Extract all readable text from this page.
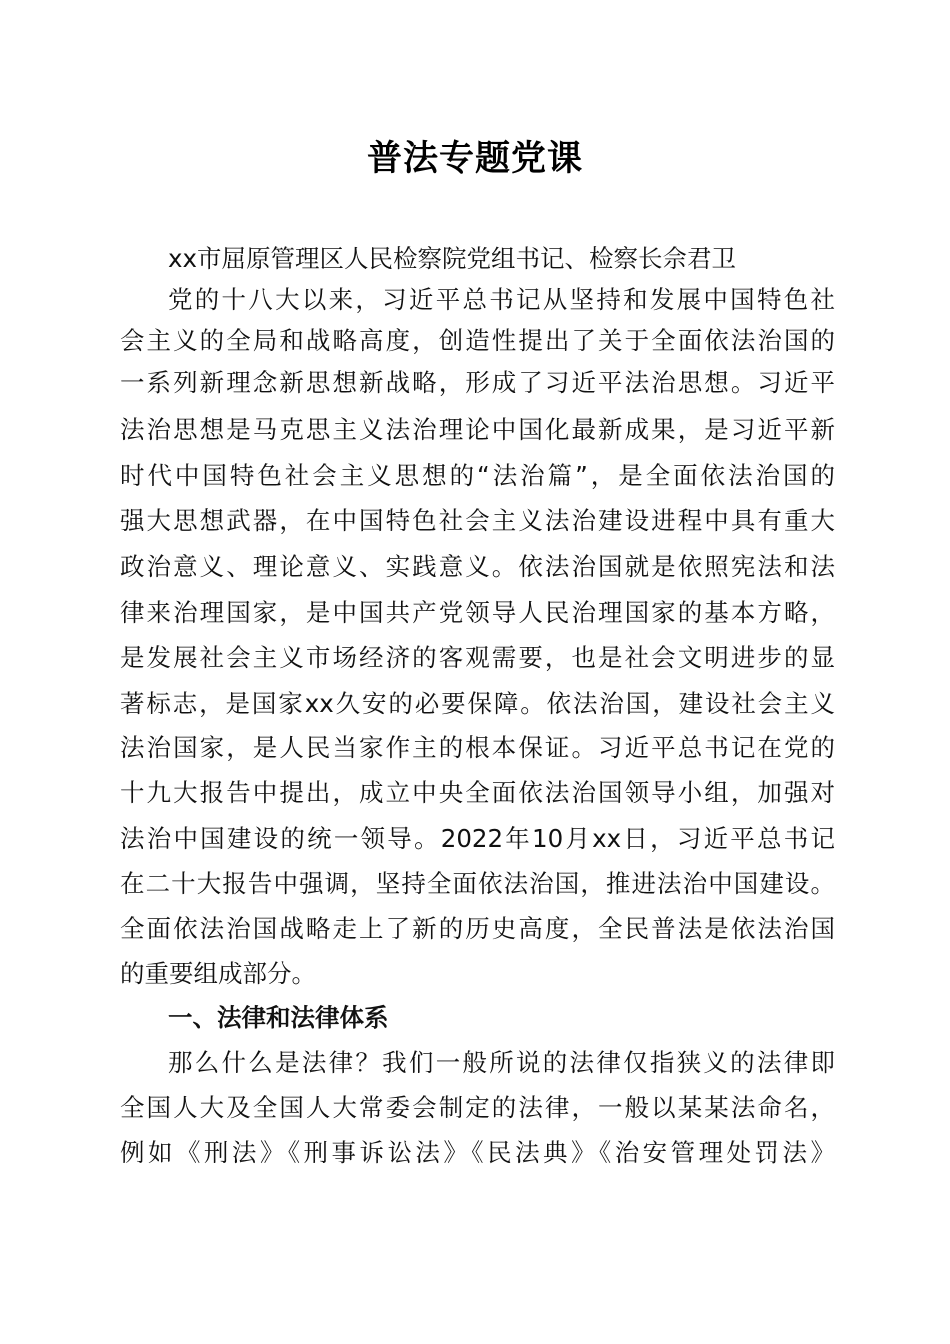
普法专题党课
xx市屈原管理区人民检察院党组书记、检察长佘君卫
党的十八大以来，习近平总书记从坚持和发展中国特色社
会主义的全局和战略高度，创造性提出了关于全面依法治国的
一系列新理念新思想新战略，形成了习近平法治思想。习近平
法治思想是马克思主义法治理论中国化最新成果，是习近平新
时代中国特色社会主义思想的“法治篇”，是全面依法治国的
强大思想武器，在中国特色社会主义法治建设进程中具有重大
政治意义、理论意义、实践意义。依法治国就是依照宪法和法
律来治理国家，是中国共产党领导人民治理国家的基本方略，
是发展社会主义市场经济的客观需要，也是社会文明进步的显
著标志，是国家xx久安的必要保障。依法治国，建设社会主义
法治国家，是人民当家作主的根本保证。习近平总书记在党的
十九大报告中提出，成立中央全面依法治国领导小组，加强对
法治中国建设的统一领导。2022年10月xx日，习近平总书记
在二十大报告中强调，坚持全面依法治国，推进法治中国建设。
全面依法治国战略走上了新的历史高度，全民普法是依法治国
的重要组成部分。
一、法律和法律体系
那么什么是法律？我们一般所说的法律仅指狭义的法律即
全国人大及全国人大常委会制定的法律，一般以某某法命名，
例如《刑法》《刑事诉讼法》《民法典》《治安管理处罚法》
